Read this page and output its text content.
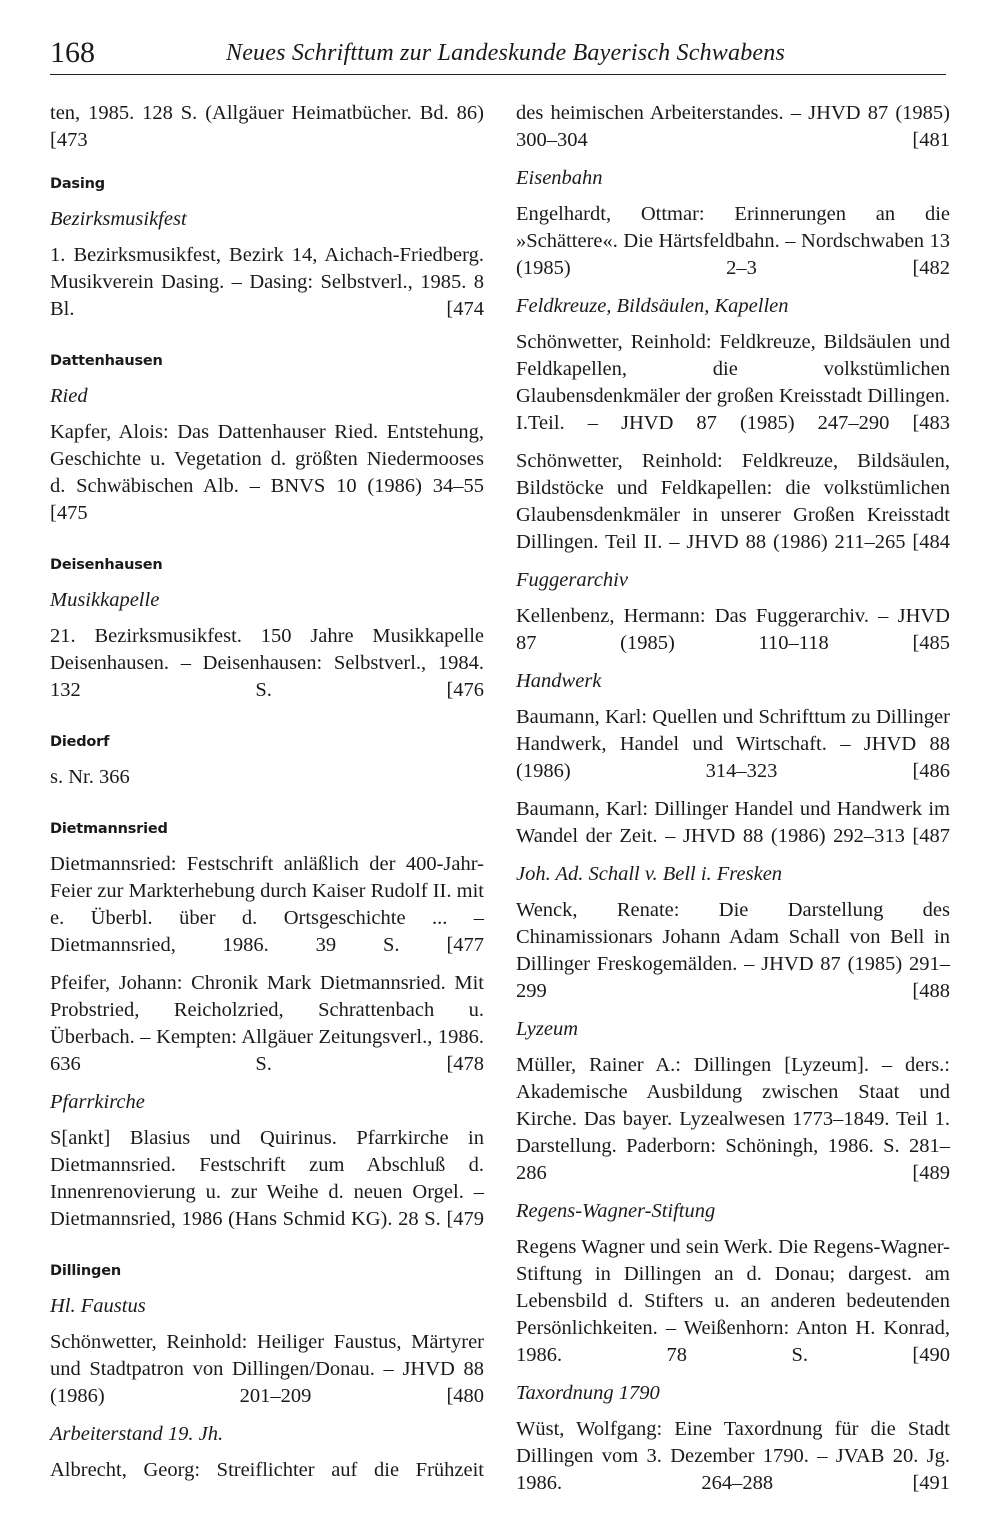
168	Neues Schrifttum zur Landeskunde Bayerisch Schwabens

ten, 1985. 128 S. (Allgäuer Heimatbücher. Bd. 86) [473

Dasing
Bezirksmusikfest

1. Bezirksmusikfest, Bezirk 14, Aichach-Friedberg. Musikverein Dasing. – Dasing: Selbstverl., 1985. 8 Bl.	[474

Dattenhausen
Ried

Kapfer, Alois: Das Dattenhauser Ried. Entstehung, Geschichte u. Vegetation d. größten Niedermooses d. Schwäbischen Alb. – BNVS 10 (1986) 34–55 [475

Deisenhausen
Musikkapelle

21. Bezirksmusikfest. 150 Jahre Musikkapelle Deisenhausen. – Deisenhausen: Selbstverl., 1984. 132 S.	[476

Diedorf

s. Nr. 366

Dietmannsried

Dietmannsried: Festschrift anläßlich der 400-Jahr-Feier zur Markterhebung durch Kaiser Rudolf II. mit e. Überbl. über d. Ortsgeschichte ... – Dietmannsried, 1986. 39 S. [477

Pfeifer, Johann: Chronik Mark Dietmannsried. Mit Probstried, Reicholzried, Schrattenbach u. Überbach. – Kempten: Allgäuer Zeitungsverl., 1986. 636 S.	[478

Pfarrkirche

S[ankt] Blasius und Quirinus. Pfarrkirche in Dietmannsried. Festschrift zum Abschluß d. Innenrenovierung u. zur Weihe d. neuen Orgel. – Dietmannsried, 1986 (Hans Schmid KG). 28 S. [479

Dillingen
Hl. Faustus

Schönwetter, Reinhold: Heiliger Faustus, Märtyrer und Stadtpatron von Dillingen/Donau. – JHVD 88 (1986) 201–209	[480

Arbeiterstand 19. Jh.

Albrecht, Georg: Streiflichter auf die Frühzeit

des heimischen Arbeiterstandes. – JHVD 87 (1985) 300–304	[481

Eisenbahn

Engelhardt, Ottmar: Erinnerungen an die »Schättere«. Die Härtsfeldbahn. – Nordschwaben 13 (1985) 2–3	[482

Feldkreuze, Bildsäulen, Kapellen

Schönwetter, Reinhold: Feldkreuze, Bildsäulen und Feldkapellen, die volkstümlichen Glaubensdenkmäler der großen Kreisstadt Dillingen. I.Teil. – JHVD 87 (1985) 247–290 [483

Schönwetter, Reinhold: Feldkreuze, Bildsäulen, Bildstöcke und Feldkapellen: die volkstümlichen Glaubensdenkmäler in unserer Großen Kreisstadt Dillingen. Teil II. – JHVD 88 (1986) 211–265 [484

Fuggerarchiv

Kellenbenz, Hermann: Das Fuggerarchiv. – JHVD 87 (1985) 110–118	[485

Handwerk

Baumann, Karl: Quellen und Schrifttum zu Dillinger Handwerk, Handel und Wirtschaft. – JHVD 88 (1986) 314–323	[486

Baumann, Karl: Dillinger Handel und Handwerk im Wandel der Zeit. – JHVD 88 (1986) 292–313 [487

Joh. Ad. Schall v. Bell i. Fresken

Wenck, Renate: Die Darstellung des Chinamissionars Johann Adam Schall von Bell in Dillinger Freskogemälden. – JHVD 87 (1985) 291–299	[488

Lyzeum

Müller, Rainer A.: Dillingen [Lyzeum]. – ders.: Akademische Ausbildung zwischen Staat und Kirche. Das bayer. Lyzealwesen 1773–1849. Teil 1. Darstellung. Paderborn: Schöningh, 1986. S. 281–286	[489

Regens-Wagner-Stiftung

Regens Wagner und sein Werk. Die Regens-Wagner-Stiftung in Dillingen an d. Donau; dargest. am Lebensbild d. Stifters u. an anderen bedeutenden Persönlichkeiten. – Weißenhorn: Anton H. Konrad, 1986. 78 S.	[490

Taxordnung 1790

Wüst, Wolfgang: Eine Taxordnung für die Stadt Dillingen vom 3. Dezember 1790. – JVAB 20. Jg. 1986. 264–288	[491
